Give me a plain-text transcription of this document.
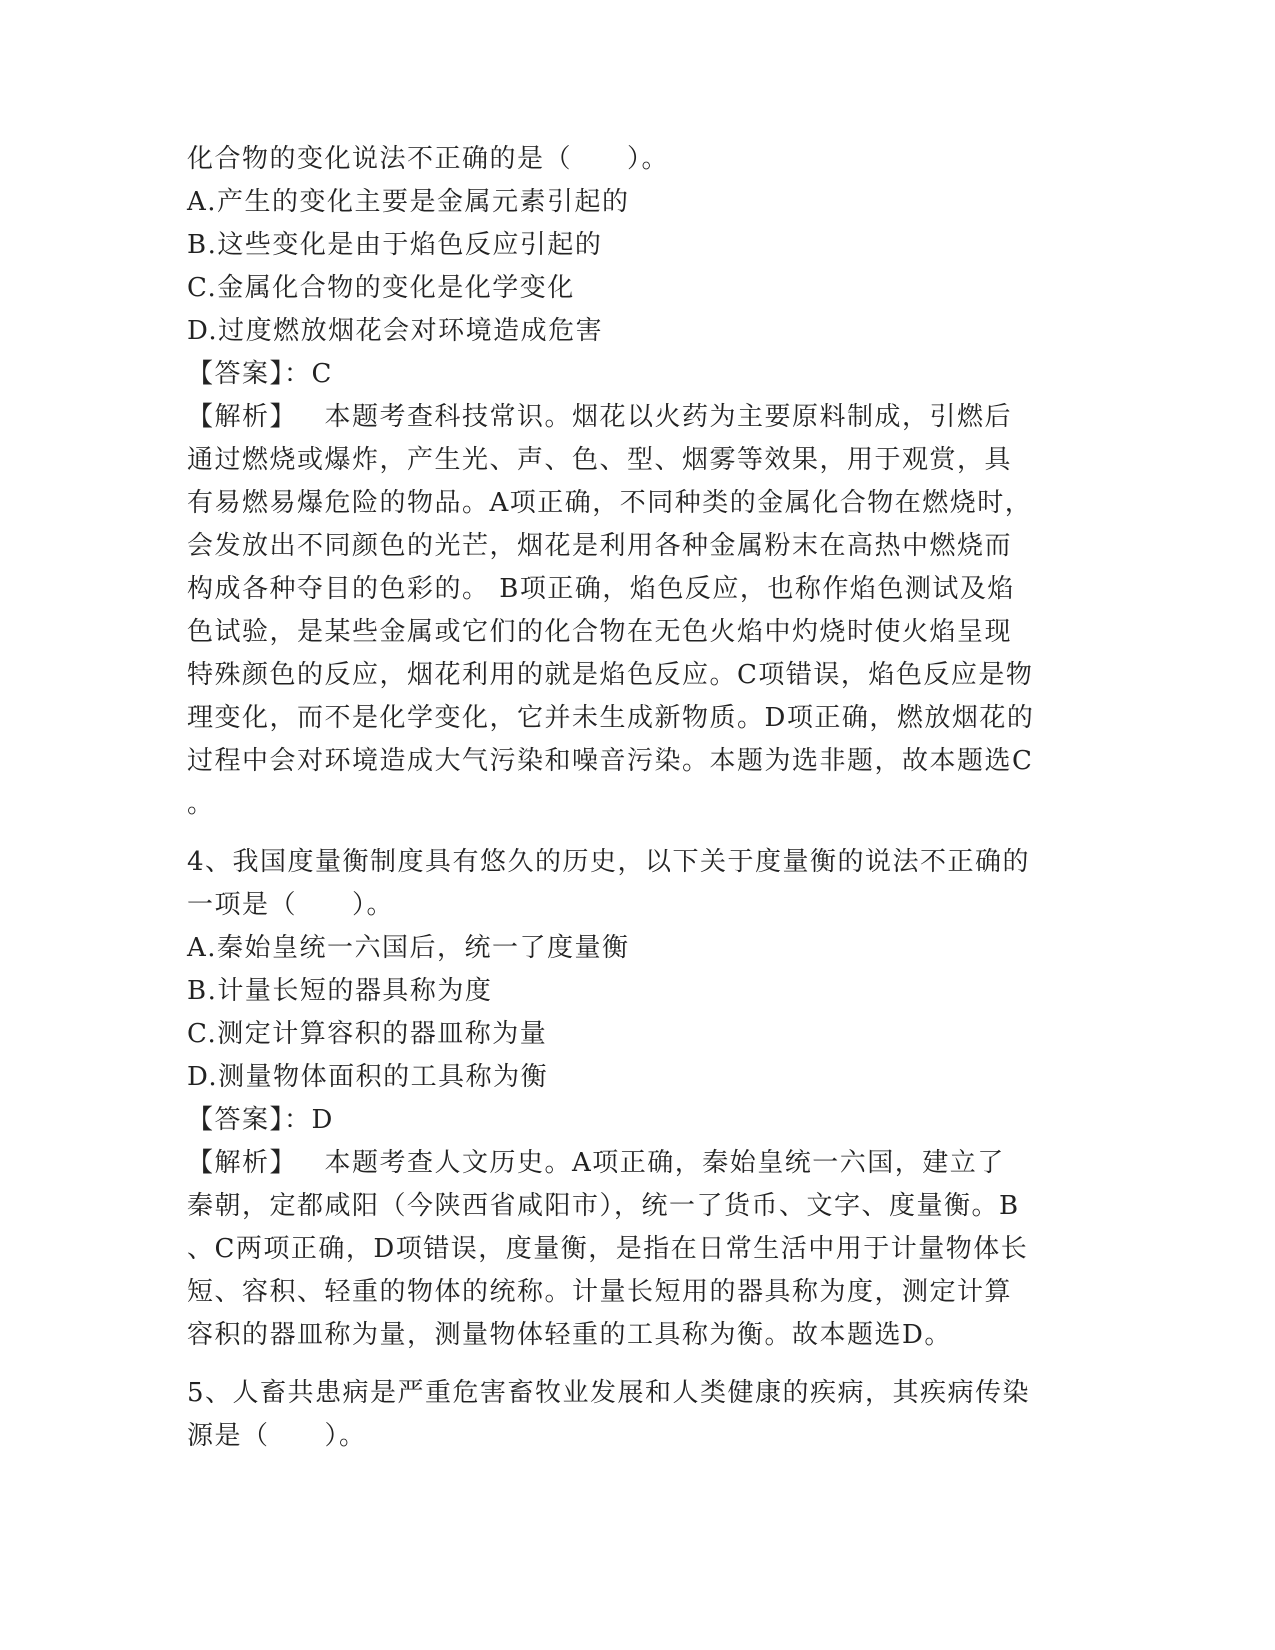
化合物的变化说法不正确的是（　　）。
A.产生的变化主要是金属元素引起的
B.这些变化是由于焰色反应引起的
C.金属化合物的变化是化学变化
D.过度燃放烟花会对环境造成危害
【答案】：C
【解析】　本题考查科技常识。烟花以火药为主要原料制成，引燃后
通过燃烧或爆炸，产生光、声、色、型、烟雾等效果，用于观赏，具
有易燃易爆危险的物品。A项正确，不同种类的金属化合物在燃烧时，
会发放出不同颜色的光芒，烟花是利用各种金属粉末在高热中燃烧而
构成各种夺目的色彩的。 B项正确，焰色反应，也称作焰色测试及焰
色试验，是某些金属或它们的化合物在无色火焰中灼烧时使火焰呈现
特殊颜色的反应，烟花利用的就是焰色反应。C项错误，焰色反应是物
理变化，而不是化学变化，它并未生成新物质。D项正确，燃放烟花的
过程中会对环境造成大气污染和噪音污染。本题为选非题，故本题选C
。
4、我国度量衡制度具有悠久的历史，以下关于度量衡的说法不正确的
一项是（　　）。
A.秦始皇统一六国后，统一了度量衡
B.计量长短的器具称为度
C.测定计算容积的器皿称为量
D.测量物体面积的工具称为衡
【答案】：D
【解析】　本题考查人文历史。A项正确，秦始皇统一六国，建立了
秦朝，定都咸阳（今陕西省咸阳市），统一了货币、文字、度量衡。B
、C两项正确，D项错误，度量衡，是指在日常生活中用于计量物体长
短、容积、轻重的物体的统称。计量长短用的器具称为度，测定计算
容积的器皿称为量，测量物体轻重的工具称为衡。故本题选D。
5、人畜共患病是严重危害畜牧业发展和人类健康的疾病，其疾病传染
源是（　　）。
